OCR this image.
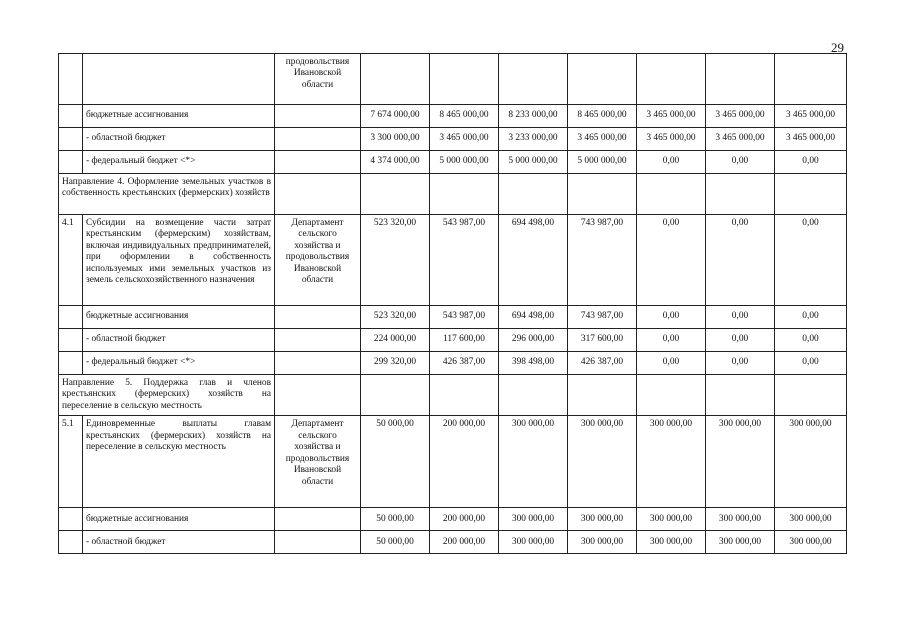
29
		продовольствия Ивановской области							
	бюджетные ассигнования		7 674 000,00	8 465 000,00	8 233 000,00	8 465 000,00	3 465 000,00	3 465 000,00	3 465 000,00
	- областной бюджет		3 300 000,00	3 465 000,00	3 233 000,00	3 465 000,00	3 465 000,00	3 465 000,00	3 465 000,00
	- федеральный бюджет <*>		4 374 000,00	5 000 000,00	5 000 000,00	5 000 000,00	0,00	0,00	0,00
Направление 4. Оформление земельных участков в собственность крестьянских (фермерских) хозяйств									
4.1	Субсидии на возмещение части затрат крестьянским (фермерским) хозяйствам, включая индивидуальных предпринимателей, при оформлении в собственность используемых ими земельных участков из земель сельскохозяйственного назначения	Департамент сельского хозяйства и продовольствия Ивановской области	523 320,00	543 987,00	694 498,00	743 987,00	0,00	0,00	0,00
	бюджетные ассигнования		523 320,00	543 987,00	694 498,00	743 987,00	0,00	0,00	0,00
	- областной бюджет		224 000,00	117 600,00	296 000,00	317 600,00	0,00	0,00	0,00
	- федеральный бюджет <*>		299 320,00	426 387,00	398 498,00	426 387,00	0,00	0,00	0,00
Направление 5. Поддержка глав и членов крестьянских (фермерских) хозяйств на переселение в сельскую местность									
5.1	Единовременные выплаты главам крестьянских (фермерских) хозяйств на переселение в сельскую местность	Департамент сельского хозяйства и продовольствия Ивановской области	50 000,00	200 000,00	300 000,00	300 000,00	300 000,00	300 000,00	300 000,00
	бюджетные ассигнования		50 000,00	200 000,00	300 000,00	300 000,00	300 000,00	300 000,00	300 000,00
	- областной бюджет		50 000,00	200 000,00	300 000,00	300 000,00	300 000,00	300 000,00	300 000,00
